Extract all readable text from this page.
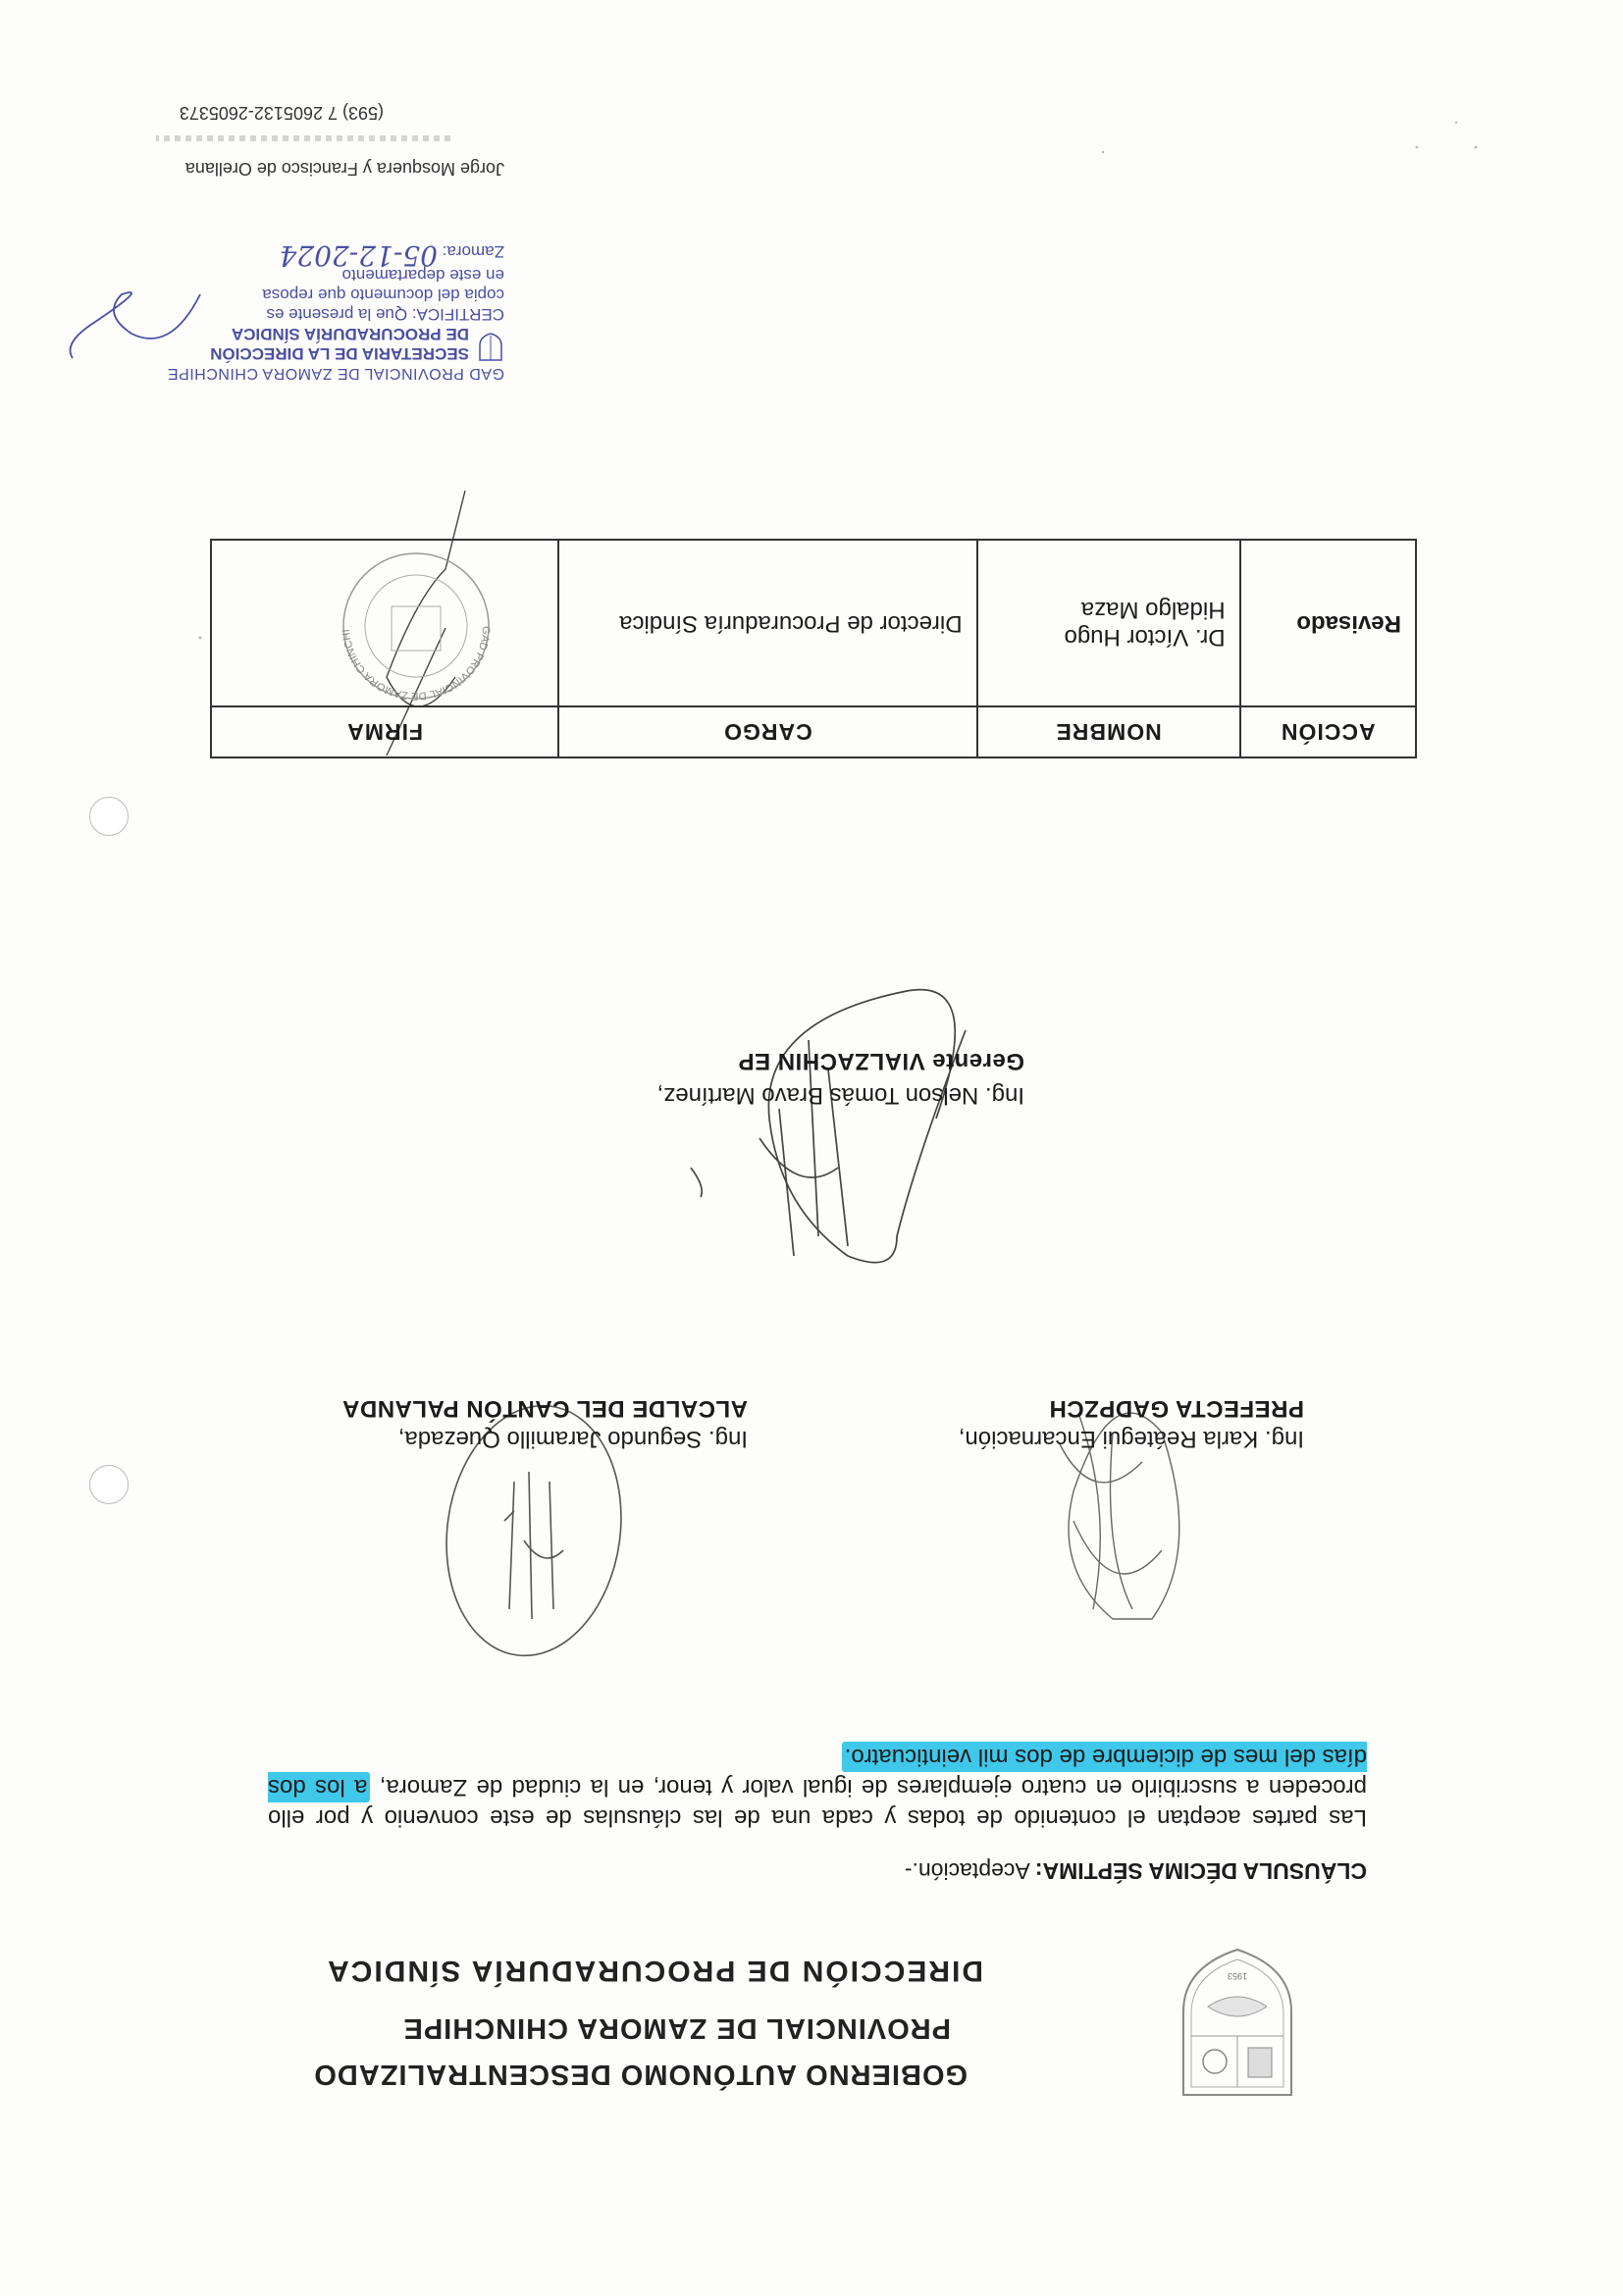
1953
GOBIERNO AUTÓNOMO DESCENTRALIZADO
PROVINCIAL DE ZAMORA CHINCHIPE
DIRECCIÓN DE PROCURADURÍA SÍNDICA
CLÁUSULA DÉCIMA SÉPTIMA: Aceptación.-
Las partes aceptan el contenido de todas y cada una de las cláusulas de este convenio y por ello proceden a suscribirlo en cuatro ejemplares de igual valor y tenor, en la ciudad de Zamora, a los dos días del mes de diciembre de dos mil veinticuatro.
Ing. Karla Reátegui Encarnación,
PREFECTA GADPZCH
Ing. Segundo Jaramillo Quezada,
ALCALDE DEL CANTÓN PALANDA
Ing. Nelson Tomás Bravo Martínez,
Gerente VIALZACHIN EP
ACCIÓN	NOMBRE	CARGO	FIRMA
Revisado	Dr. Víctor Hugo Hidalgo Maza	Director de Procuraduría Síndica	GAD PROVINCIAL DE ZAMORA CHINCHI
GAD PROVINCIAL DE ZAMORA CHINCHIPE
SECRETARIA DE LA DIRECCIÓN
DE PROCURADURÍA SÍNDICA
CERTIFICA: Que la presente es
copia del documento que reposa
en este departamento
Zamora: 05-12-2024
Jorge Mosquera y Francisco de Orellana
(593) 7 2605132-2605373
